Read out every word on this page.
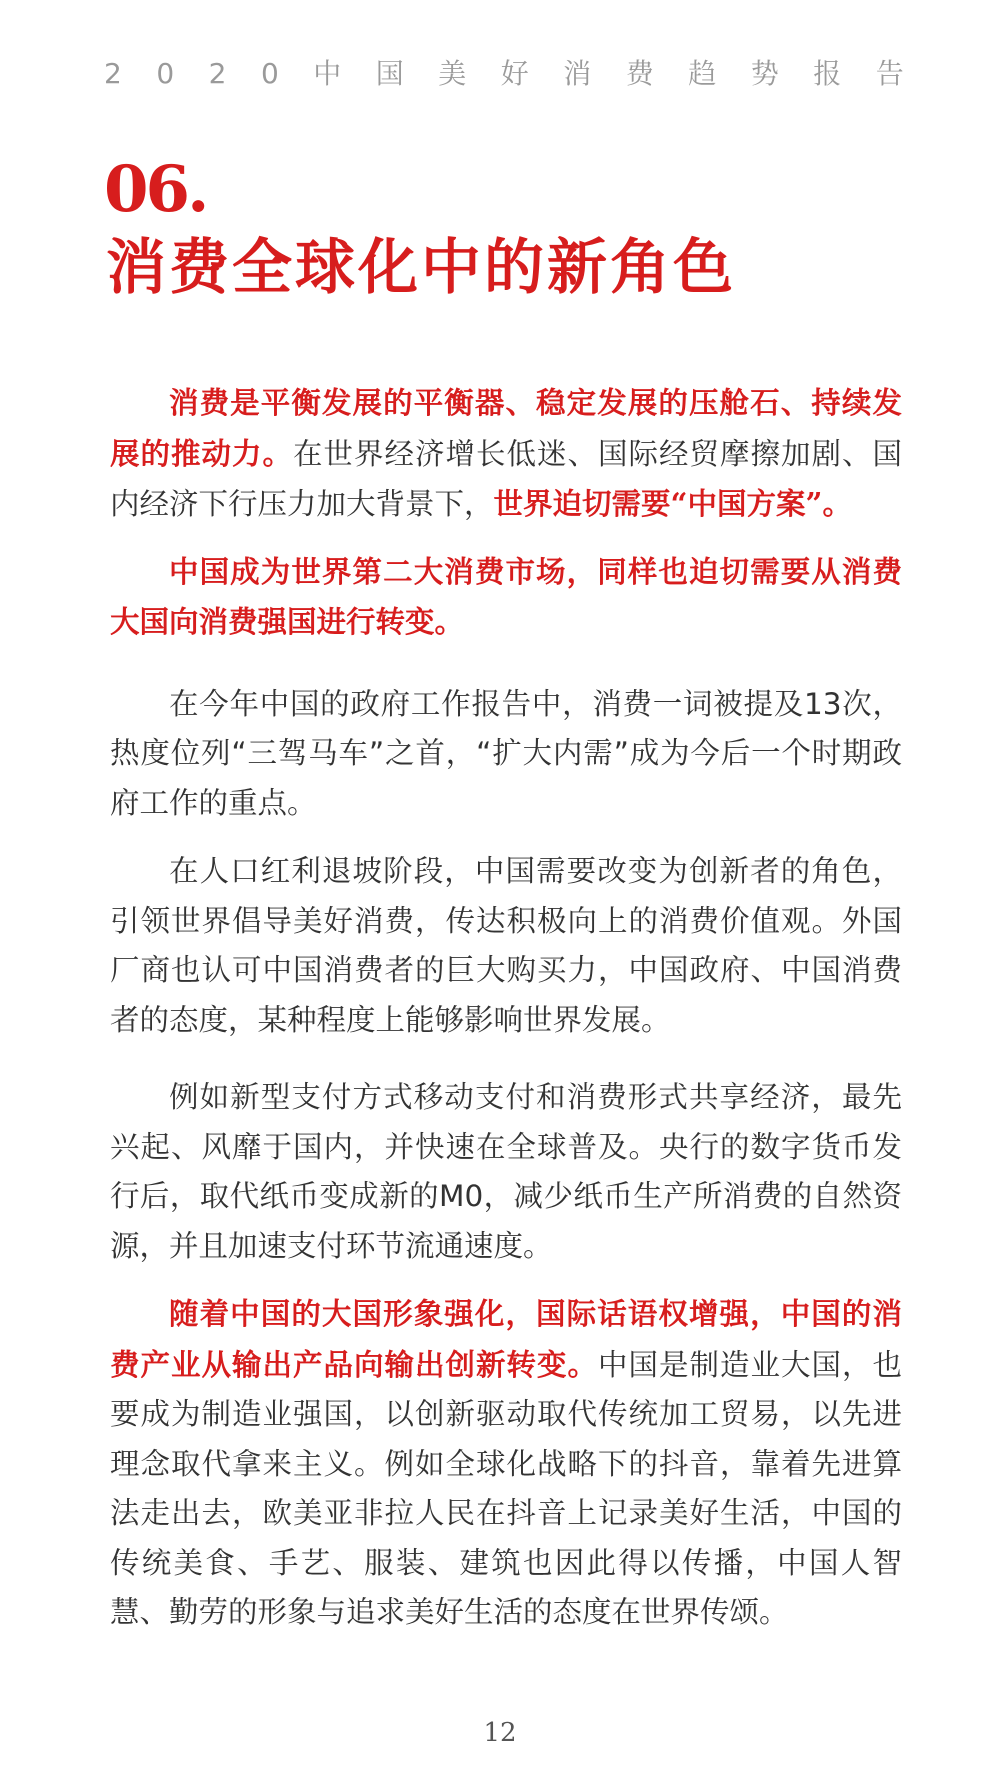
2020中国美好消费趋势报告
06.
消费全球化中的新角色

消费是平衡发展的平衡器、稳定发展的压舱石、持续发展的推动力。在世界经济增长低迷、国际经贸摩擦加剧、国内经济下行压力加大背景下，世界迫切需要“中国方案”。

中国成为世界第二大消费市场，同样也迫切需要从消费大国向消费强国进行转变。

在今年中国的政府工作报告中，消费一词被提及13次，热度位列“三驾马车”之首，“扩大内需”成为今后一个时期政府工作的重点。

在人口红利退坡阶段，中国需要改变为创新者的角色，引领世界倡导美好消费，传达积极向上的消费价值观。外国厂商也认可中国消费者的巨大购买力，中国政府、中国消费者的态度，某种程度上能够影响世界发展。

例如新型支付方式移动支付和消费形式共享经济，最先兴起、风靡于国内，并快速在全球普及。央行的数字货币发行后，取代纸币变成新的M0，减少纸币生产所消费的自然资源，并且加速支付环节流通速度。

随着中国的大国形象强化，国际话语权增强，中国的消费产业从输出产品向输出创新转变。中国是制造业大国，也要成为制造业强国，以创新驱动取代传统加工贸易，以先进理念取代拿来主义。例如全球化战略下的抖音，靠着先进算法走出去，欧美亚非拉人民在抖音上记录美好生活，中国的传统美食、手艺、服装、建筑也因此得以传播，中国人智慧、勤劳的形象与追求美好生活的态度在世界传颂。

12
